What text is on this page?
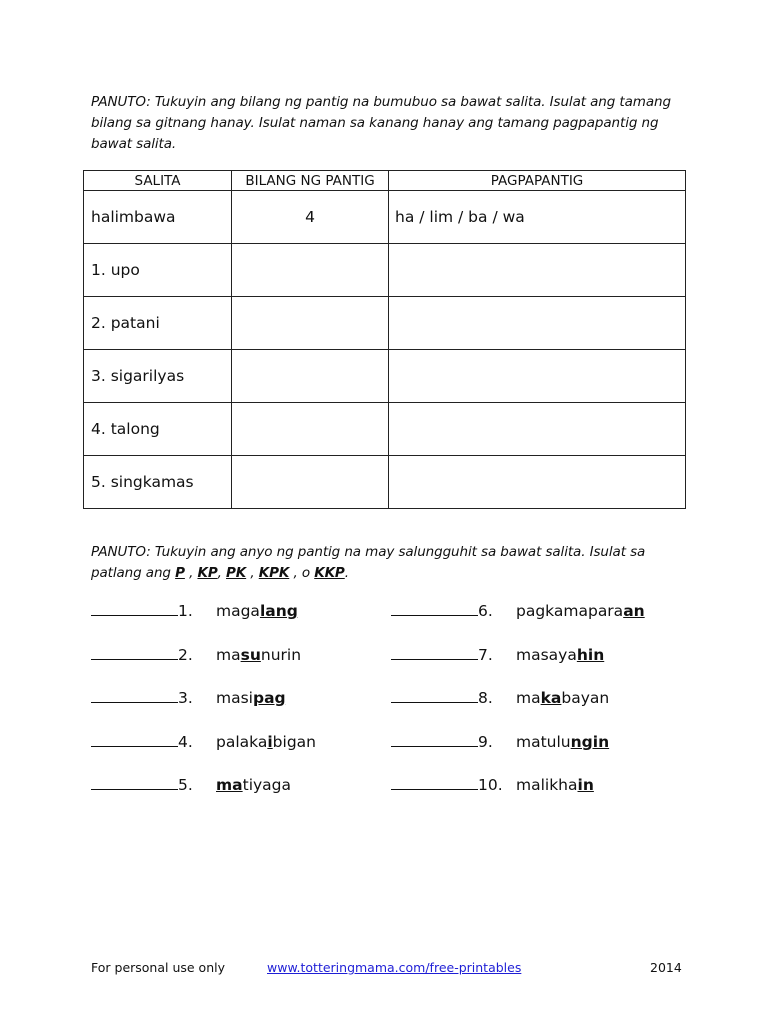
PANUTO: Tukuyin ang bilang ng pantig na bumubuo sa bawat salita. Isulat ang tamang bilang sa gitnang hanay. Isulat naman sa kanang hanay ang tamang pagpapantig ng bawat salita.

SALITA	BILANG NG PANTIG	PAGPAPANTIG
halimbawa	4	ha / lim / ba / wa
1. upo		
2. patani		
3. sigarilyas		
4. talong		
5. singkamas		

PANUTO: Tukuyin ang anyo ng pantig na may salungguhit sa bawat salita. Isulat sa patlang ang P , KP, PK , KPK , o KKP.

1. magalang
2. masunurin
3. masipag
4. palakaibigan
5. matiyaga
6. pagkamaparaan
7. masayahin
8. makabayan
9. matulungin
10. malikhain
For personal use only	www.totteringmama.com/free-printables	2014
